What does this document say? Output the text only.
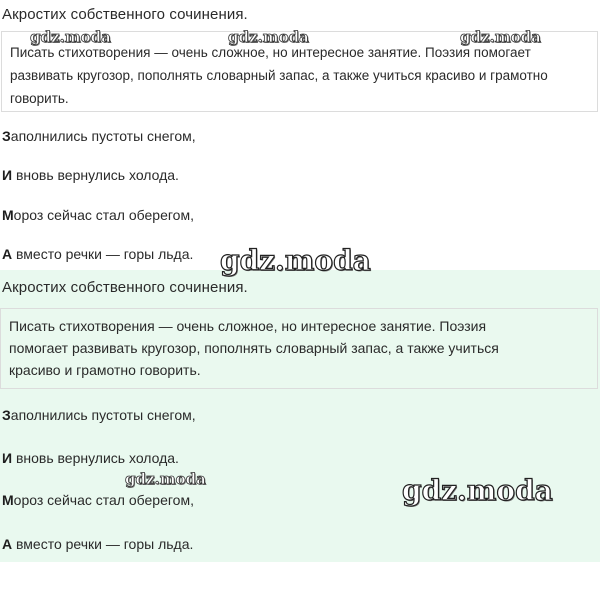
Акростих собственного сочинения.
Писать стихотворения — очень сложное, но интересное занятие. Поэзия помогает
развивать кругозор, пополнять словарный запас, а также учиться красиво и грамотно
говорить.
Заполнились пустоты снегом,
И вновь вернулись холода.
Мороз сейчас стал оберегом,
А вместо речки — горы льда.
Акростих собственного сочинения.
Писать стихотворения — очень сложное, но интересное занятие. Поэзия
помогает развивать кругозор, пополнять словарный запас, а также учиться
красиво и грамотно говорить.
Заполнились пустоты снегом,
И вновь вернулись холода.
Мороз сейчас стал оберегом,
А вместо речки — горы льда.
gdz.moda	gdz.moda	gdz.moda
gdz.moda
gdz.moda	gdz.moda
